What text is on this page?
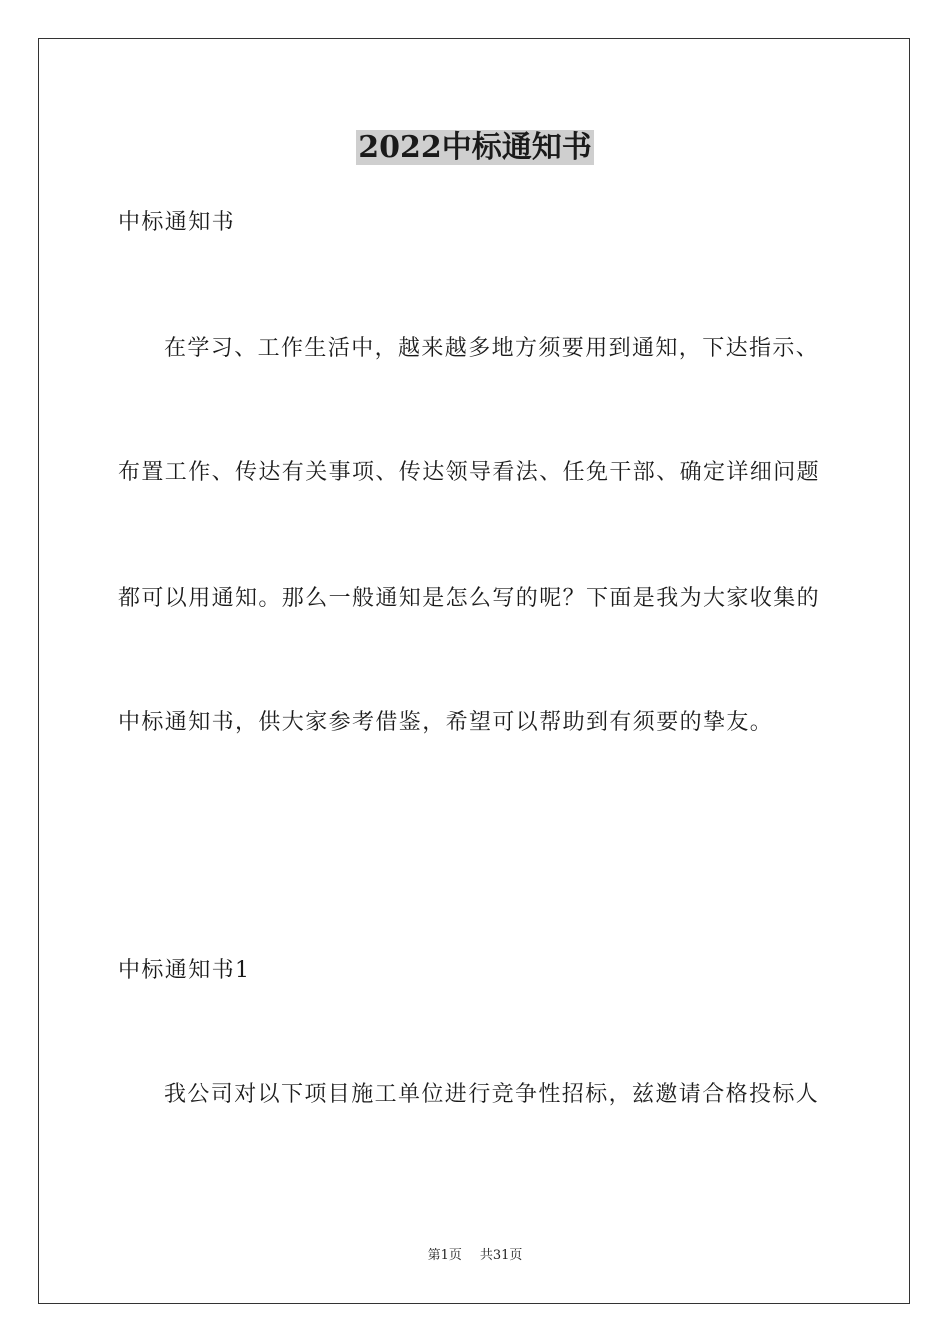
2022中标通知书
中标通知书
在学习、工作生活中，越来越多地方须要用到通知，下达指示、
布置工作、传达有关事项、传达领导看法、任免干部、确定详细问题
都可以用通知。那么一般通知是怎么写的呢？下面是我为大家收集的
中标通知书，供大家参考借鉴，希望可以帮助到有须要的挚友。
中标通知书1
我公司对以下项目施工单位进行竞争性招标，兹邀请合格投标人
第1页 共31页
